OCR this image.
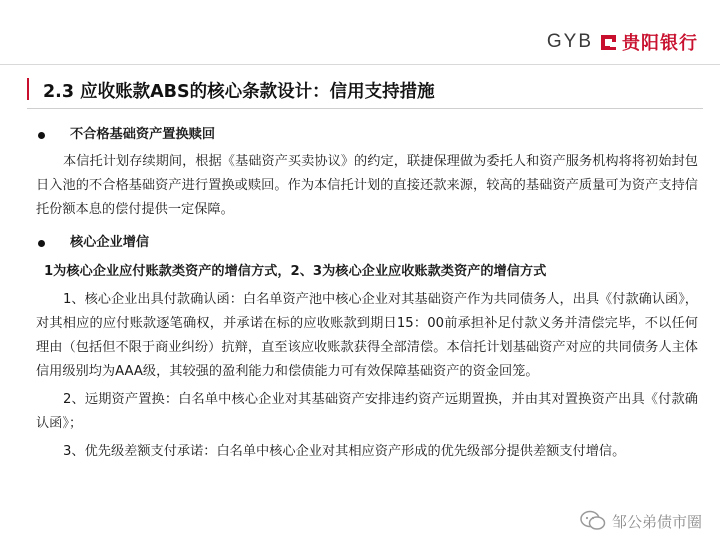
GYB 贵阳银行
2.3 应收账款ABS的核心条款设计：信用支持措施
不合格基础资产置换赎回

本信托计划存续期间，根据《基础资产买卖协议》的约定，联捷保理做为委托人和资产服务机构将将初始封包日入池的不合格基础资产进行置换或赎回。作为本信托计划的直接还款来源，较高的基础资产质量可为资产支持信托份额本息的偿付提供一定保障。

核心企业增信
1为核心企业应付账款类资产的增信方式，2、3为核心企业应收账款类资产的增信方式

1、核心企业出具付款确认函：白名单资产池中核心企业对其基础资产作为共同债务人，出具《付款确认函》，对其相应的应付账款逐笔确权，并承诺在标的应收账款到期日15：00前承担补足付款义务并清偿完毕，不以任何理由（包括但不限于商业纠纷）抗辩，直至该应收账款获得全部清偿。本信托计划基础资产对应的共同债务人主体信用级别均为AAA级，其较强的盈利能力和偿债能力可有效保障基础资产的资金回笼。

2、远期资产置换：白名单中核心企业对其基础资产安排违约资产远期置换，并由其对置换资产出具《付款确认函》；

3、优先级差额支付承诺：白名单中核心企业对其相应资产形成的优先级部分提供差额支付增信。

邹公弟债市圈
